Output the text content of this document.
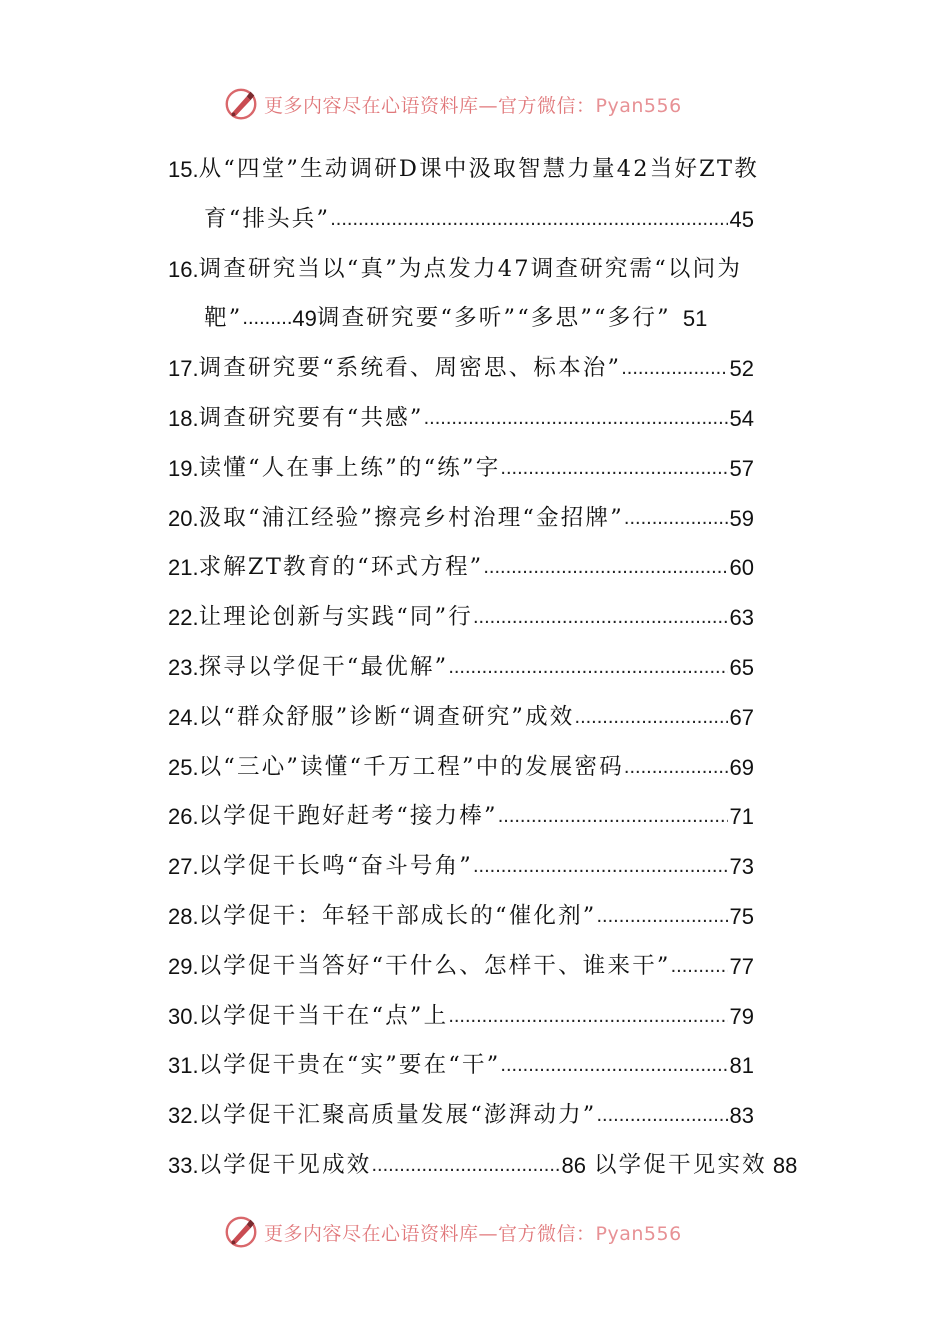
更多内容尽在心语资料库—官方微信：Pyan556
15. 从“四堂”生动调研D课中汲取智慧力量42当好ZT教
育“排头兵” .....	45
16. 调查研究当以“真”为点发力47调查研究需“以问为
靶” ......... 49 调查研究要“多听”“多思”“多行” 51
17. 调查研究要“系统看、周密思、标本治” .....	52
18. 调查研究要有“共感” .....	54
19. 读懂“人在事上练”的“练”字 .....	57
20. 汲取“浦江经验”擦亮乡村治理“金招牌” .....	59
21. 求解ZT教育的“环式方程” .....	60
22. 让理论创新与实践“同”行 .....	63
23. 探寻以学促干“最优解” .....	65
24. 以“群众舒服”诊断“调查研究”成效 .....	67
25. 以“三心”读懂“千万工程”中的发展密码 .....	69
26. 以学促干跑好赶考“接力棒” .....	71
27. 以学促干长鸣“奋斗号角” .....	73
28. 以学促干：年轻干部成长的“催化剂” .....	75
29. 以学促干当答好“干什么、怎样干、谁来干” .....	77
30. 以学促干当干在“点”上 .....	79
31. 以学促干贵在“实”要在“干” .....	81
32. 以学促干汇聚高质量发展“澎湃动力” .....	83
33. 以学促干见成效 .....	86 以学促干见实效 88
更多内容尽在心语资料库—官方微信：Pyan556
